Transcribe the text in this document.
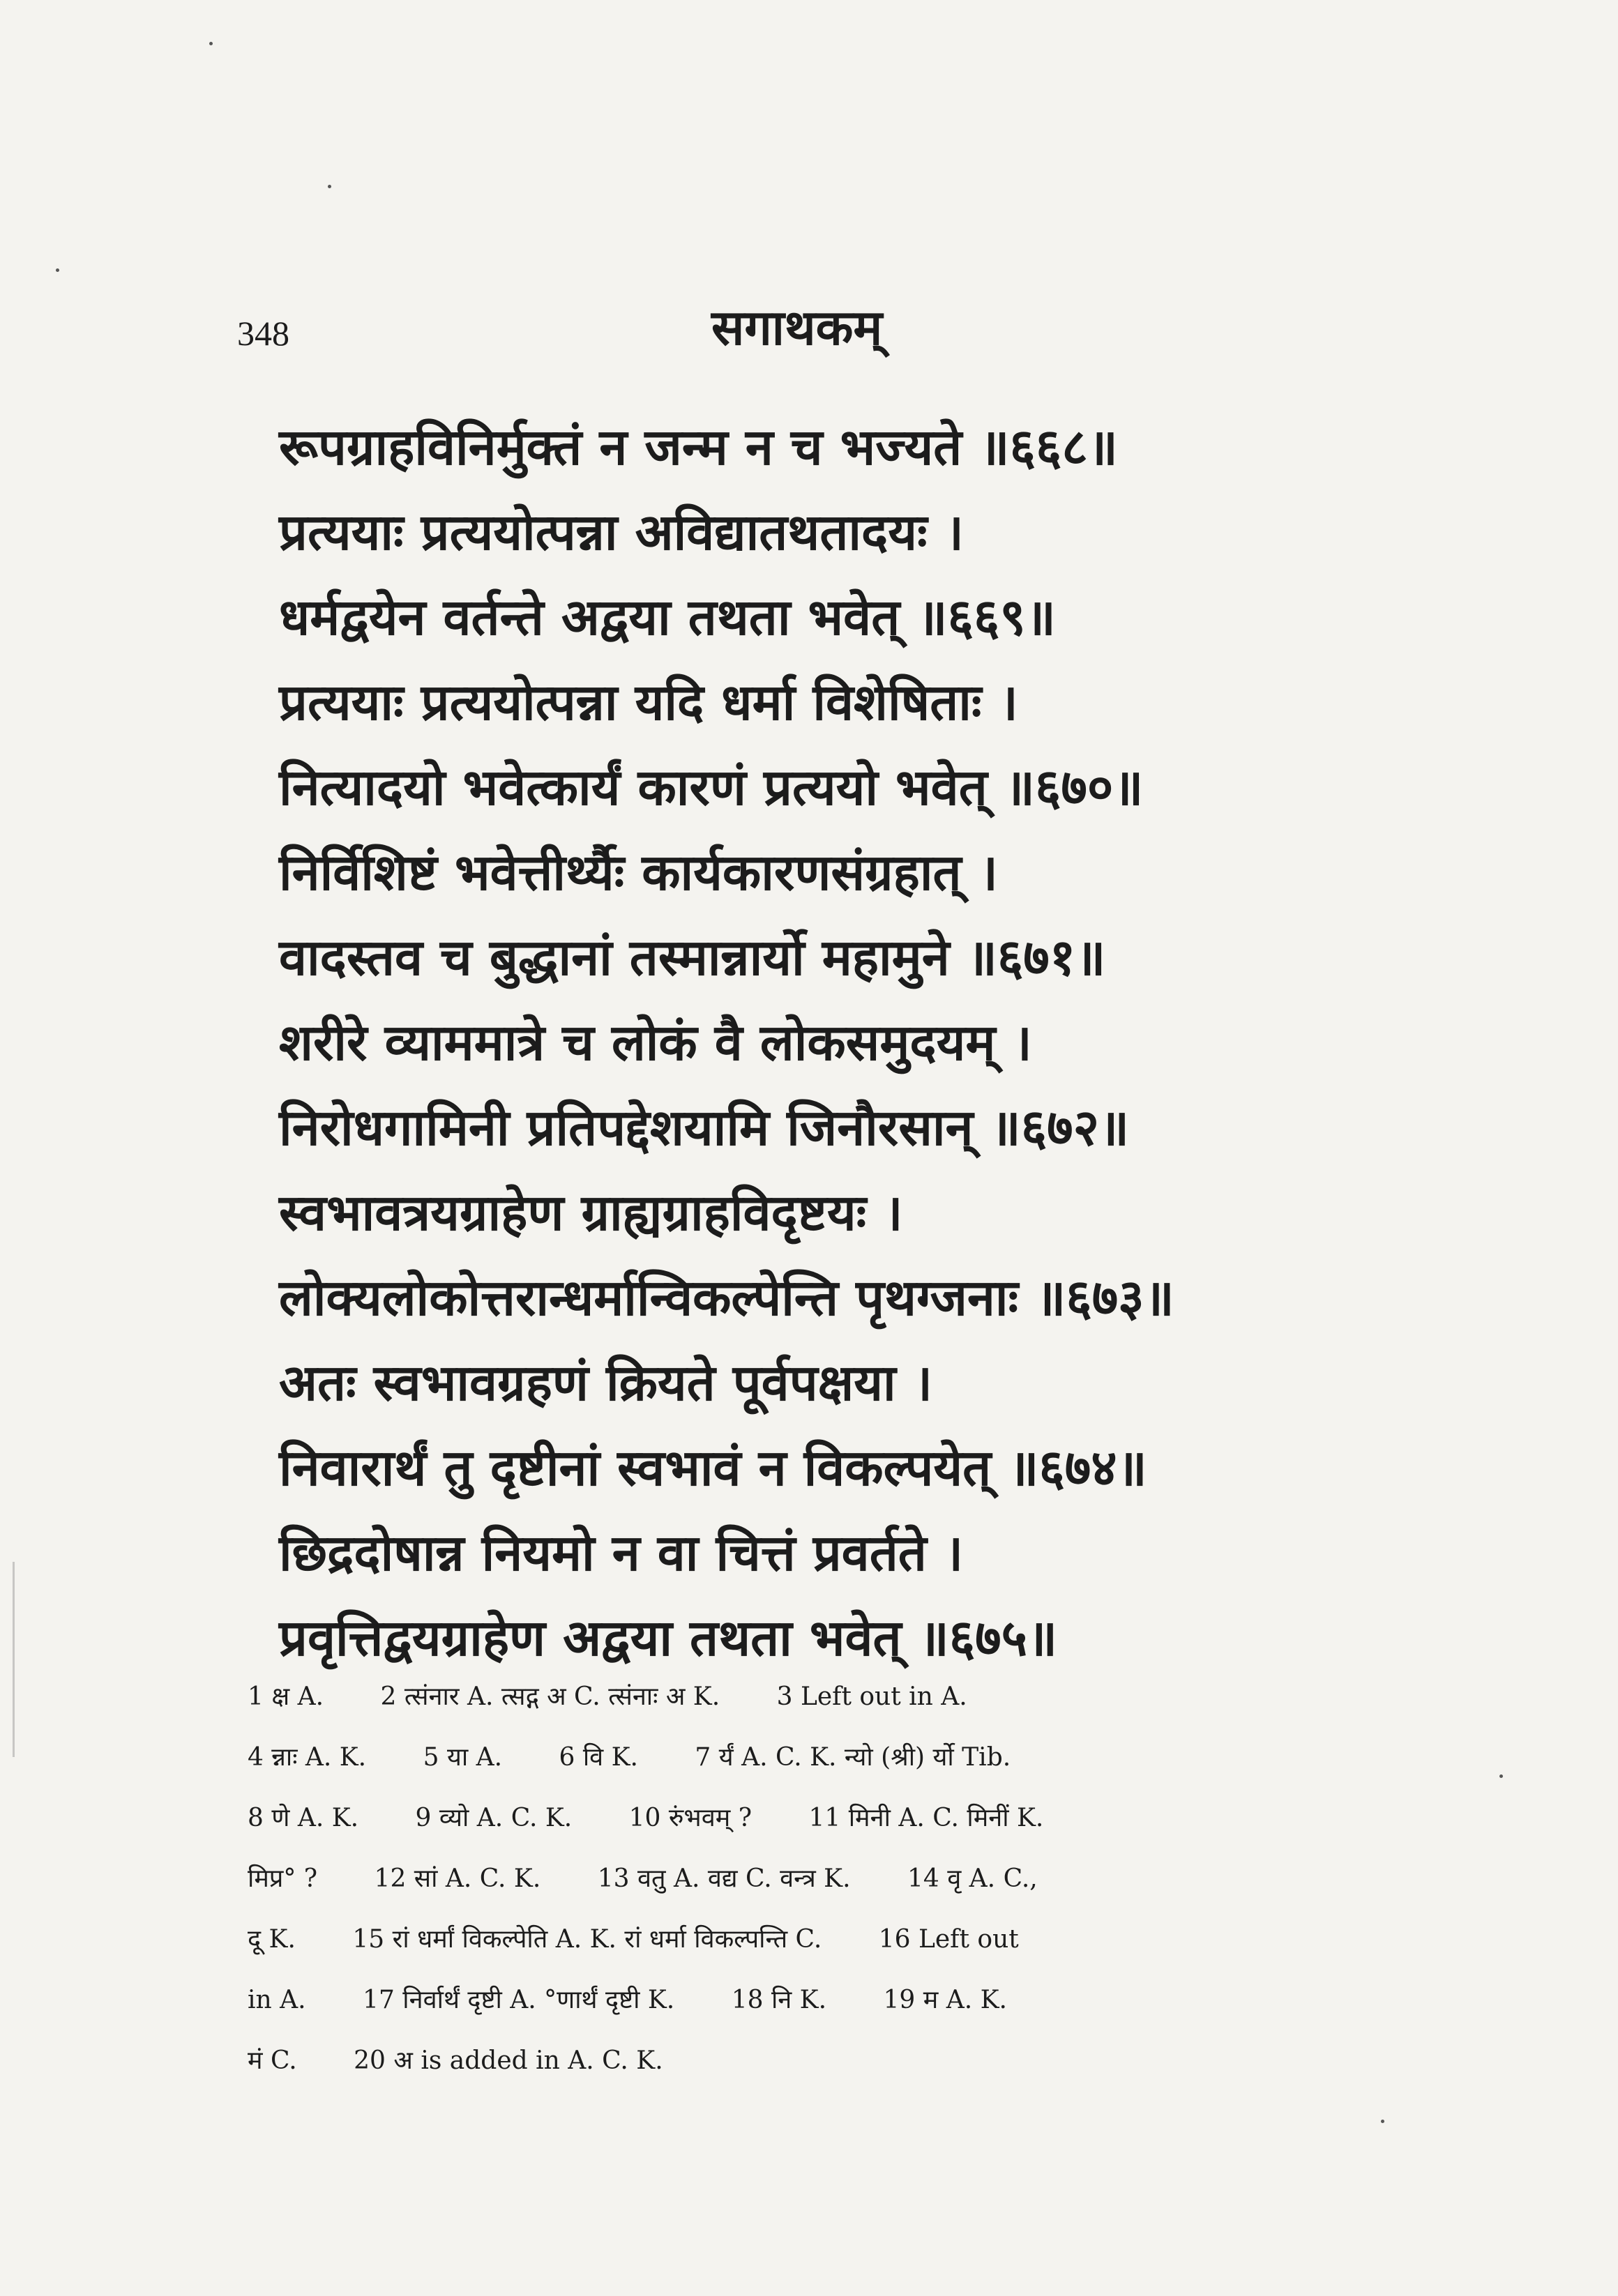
348	सगाथकम्
रूपग्राहविनिर्मुक्तं न जन्म न च भज्यते ॥६६८॥
प्रत्ययाः प्रत्ययोत्पन्ना अविद्यातथतादयः ।
धर्मद्वयेन वर्तन्ते अद्वया तथता भवेत् ॥६६९॥
प्रत्ययाः प्रत्ययोत्पन्ना यदि धर्मा विशेषिताः ।
नित्यादयो भवेत्कार्यं कारणं प्रत्ययो भवेत् ॥६७०॥
निर्विशिष्टं भवेत्तीर्थ्यैः कार्यकारणसंग्रहात् ।
वादस्तव च बुद्धानां तस्मान्नार्यो महामुने ॥६७१॥
शरीरे व्याममात्रे च लोकं वै लोकसमुदयम् ।
निरोधगामिनी प्रतिपद्देशयामि जिनौरसान् ॥६७२॥
स्वभावत्रयग्राहेण ग्राह्यग्राहविदृष्टयः ।
लोक्यलोकोत्तरान्धर्मान्विकल्पेन्ति पृथग्जनाः ॥६७३॥
अतः स्वभावग्रहणं क्रियते पूर्वपक्षया ।
निवारार्थं तु दृष्टीनां स्वभावं न विकल्पयेत् ॥६७४॥
छिद्रदोषान्न नियमो न वा चित्तं प्रवर्तते ।
प्रवृत्तिद्वयग्राहेण अद्वया तथता भवेत् ॥६७५॥
1 क्ष A. 2 त्संनार A. त्सद्ग अ C. त्संनाः अ K. 3 Left out in A.
4 न्नाः A. K. 5 या A. 6 वि K. 7 र्यं A. C. K. न्यो (श्री) र्यो Tib.
8 णे A. K. 9 व्यो A. C. K. 10 रुंभवम् ? 11 मिनी A. C. मिनीं K.
मिप्र° ? 12 सां A. C. K. 13 वतु A. वद्य C. वन्त्र K. 14 वृ A. C.,
दू K. 15 रां धर्मां विकल्पेति A. K. रां धर्मा विकल्पन्ति C. 16 Left out
in A. 17 निर्वार्थं दृष्टी A. °णार्थं दृष्टी K. 18 नि K. 19 म A. K.
मं C. 20 अ is added in A. C. K.
